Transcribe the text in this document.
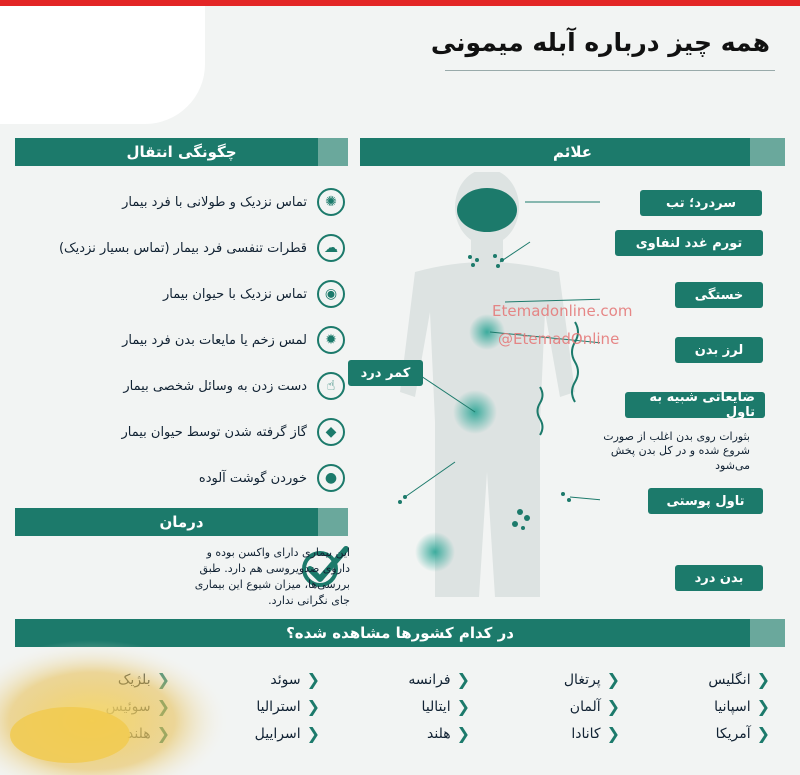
همه چیز درباره آبله میمونی
چگونگی انتقال	علائم
✺
تماس نزدیک و طولانی با فرد بیمار
☁
قطرات تنفسی فرد بیمار (تماس بسیار نزدیک)
◉
تماس نزدیک با حیوان بیمار
✹
لمس زخم یا مایعات بدن فرد بیمار
☝
دست زدن به وسائل شخصی بیمار
◆
گاز گرفته شدن توسط حیوان بیمار
●
خوردن گوشت آلوده
Etemadonline.com
@EtemadOnline
سردرد؛ تب
تورم غدد لنفاوی
خستگی
لرز بدن
کمر درد
ضایعاتی شبیه به تاول
بثورات روی بدن اغلب از صورت شروع شده و در کل بدن پخش می‌شود
تاول پوستی
بدن درد
درمان
این بیماری دارای واکسن بوده و داروی ضدویروسی هم دارد. طبق بررسی‌ها، میزان شیوع این بیماری جای نگرانی ندارد.
در کدام کشورها مشاهده شده؟
❮
انگلیس
❮
اسپانیا
❮
آمریکا
❮
پرتغال
❮
آلمان
❮
کانادا
❮
فرانسه
❮
ایتالیا
❮
هلند
❮
سوئد
❮
استرالیا
❮
اسراییل
